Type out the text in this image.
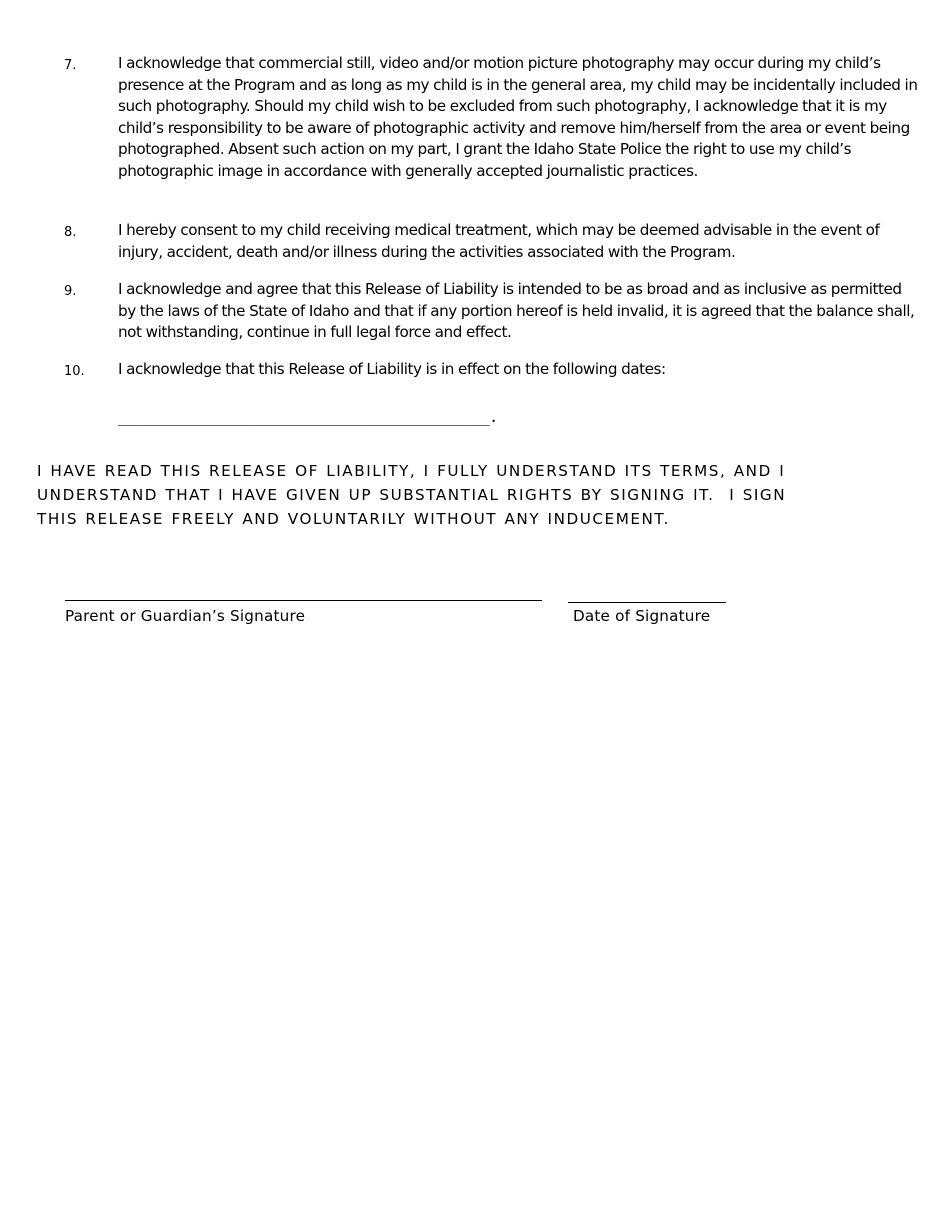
7.	I acknowledge that commercial still, video and/or motion picture photography may occur during my child’s presence at the Program and as long as my child is in the general area, my child may be incidentally included in such photography. Should my child wish to be excluded from such photography, I acknowledge that it is my child’s responsibility to be aware of photographic activity and remove him/herself from the area or event being photographed. Absent such action on my part, I grant the Idaho State Police the right to use my child’s photographic image in accordance with generally accepted journalistic practices.
8.	I hereby consent to my child receiving medical treatment, which may be deemed advisable in the event of injury, accident, death and/or illness during the activities associated with the Program.
9.	I acknowledge and agree that this Release of Liability is intended to be as broad and as inclusive as permitted by the laws of the State of Idaho and that if any portion hereof is held invalid, it is agreed that the balance shall, not withstanding, continue in full legal force and effect.
10. I acknowledge that this Release of Liability is in effect on the following dates:
___________________________________________.
I HAVE READ THIS RELEASE OF LIABILITY, I FULLY UNDERSTAND ITS TERMS, AND I
UNDERSTAND THAT I HAVE GIVEN UP SUBSTANTIAL RIGHTS BY SIGNING IT.  I SIGN
THIS RELEASE FREELY AND VOLUNTARILY WITHOUT ANY INDUCEMENT.
Parent or Guardian’s Signature	Date of Signature
